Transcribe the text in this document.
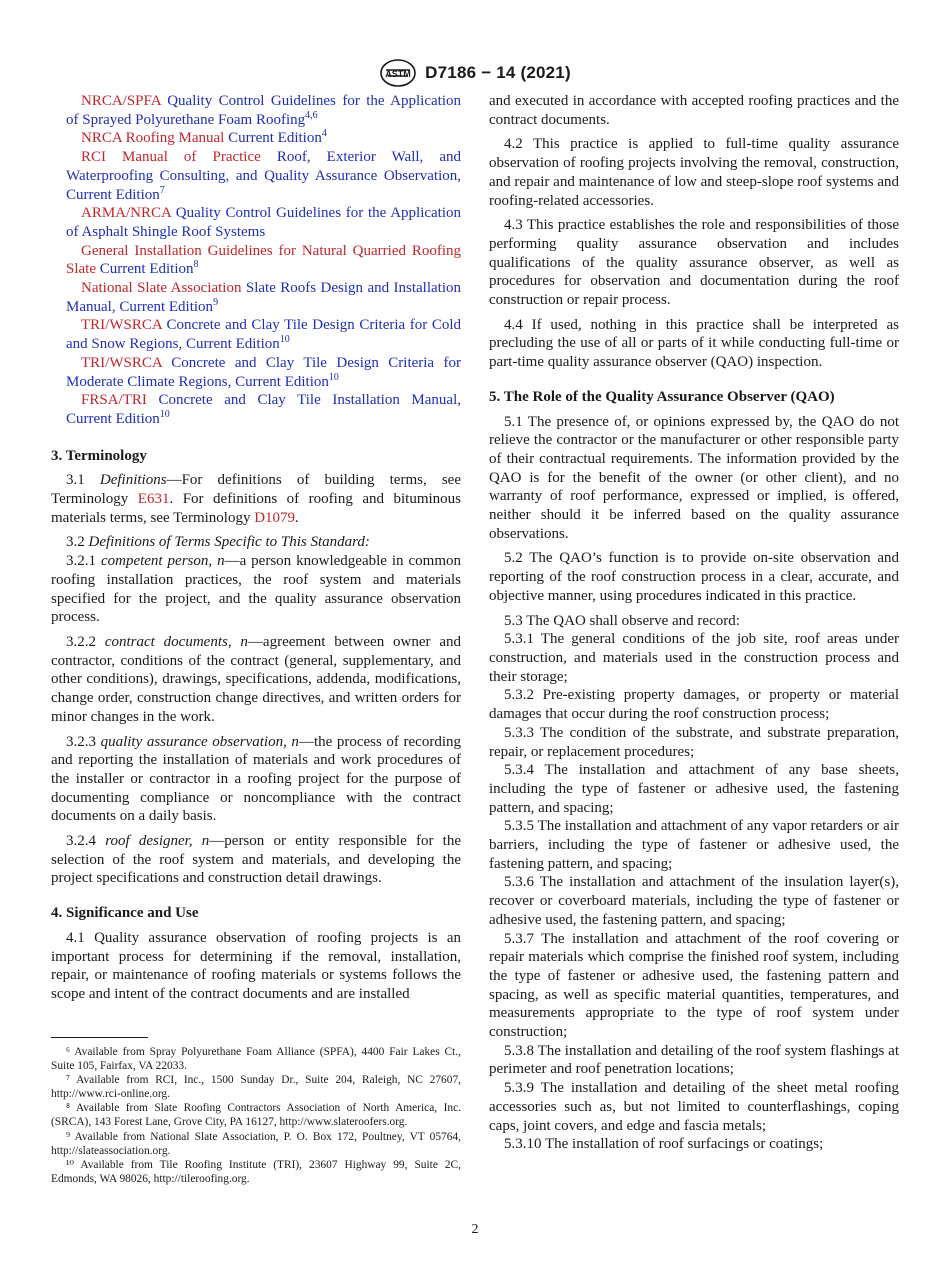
ASTM D7186 − 14 (2021)

NRCA/SPFA Quality Control Guidelines for the Application of Sprayed Polyurethane Foam Roofing$^{4,6}$

NRCA Roofing Manual Current Edition$^4$

RCI Manual of Practice Roof, Exterior Wall, and Waterproofing Consulting, and Quality Assurance Observation, Current Edition$^7$

ARMA/NRCA Quality Control Guidelines for the Application of Asphalt Shingle Roof Systems

General Installation Guidelines for Natural Quarried Roofing Slate Current Edition$^8$

National Slate Association Slate Roofs Design and Installation Manual, Current Edition$^9$

TRI/WSRCA Concrete and Clay Tile Design Criteria for Cold and Snow Regions, Current Edition$^{10}$

TRI/WSRCA Concrete and Clay Tile Design Criteria for Moderate Climate Regions, Current Edition$^{10}$

FRSA/TRI Concrete and Clay Tile Installation Manual, Current Edition$^{10}$

3. Terminology

3.1 Definitions—For definitions of building terms, see Terminology E631. For definitions of roofing and bituminous materials terms, see Terminology D1079.

3.2 Definitions of Terms Specific to This Standard:

3.2.1 competent person, n—a person knowledgeable in common roofing installation practices, the roof system and materials specified for the project, and the quality assurance observation process.

3.2.2 contract documents, n—agreement between owner and contractor, conditions of the contract (general, supplementary, and other conditions), drawings, specifications, addenda, modifications, change order, construction change directives, and written orders for minor changes in the work.

3.2.3 quality assurance observation, n—the process of recording and reporting the installation of materials and work procedures of the installer or contractor in a roofing project for the purpose of documenting compliance or noncompliance with the contract documents on a daily basis.

3.2.4 roof designer, n—person or entity responsible for the selection of the roof system and materials, and developing the project specifications and construction detail drawings.

4. Significance and Use

4.1 Quality assurance observation of roofing projects is an important process for determining if the removal, installation, repair, or maintenance of roofing materials or systems follows the scope and intent of the contract documents and are installed

⁶ Available from Spray Polyurethane Foam Alliance (SPFA), 4400 Fair Lakes Ct., Suite 105, Fairfax, VA 22033.

⁷ Available from RCI, Inc., 1500 Sunday Dr., Suite 204, Raleigh, NC 27607, http://www.rci-online.org.

⁸ Available from Slate Roofing Contractors Association of North America, Inc. (SRCA), 143 Forest Lane, Grove City, PA 16127, http://www.slateroofers.org.

⁹ Available from National Slate Association, P. O. Box 172, Poultney, VT 05764, http://slateassociation.org.

¹⁰ Available from Tile Roofing Institute (TRI), 23607 Highway 99, Suite 2C, Edmonds, WA 98026, http://tileroofing.org.

and executed in accordance with accepted roofing practices and the contract documents.

4.2 This practice is applied to full-time quality assurance observation of roofing projects involving the removal, construction, and repair and maintenance of low and steep-slope roof systems and roofing-related accessories.

4.3 This practice establishes the role and responsibilities of those performing quality assurance observation and includes qualifications of the quality assurance observer, as well as procedures for observation and documentation during the roof construction or repair process.

4.4 If used, nothing in this practice shall be interpreted as precluding the use of all or parts of it while conducting full-time or part-time quality assurance observer (QAO) inspection.

5. The Role of the Quality Assurance Observer (QAO)

5.1 The presence of, or opinions expressed by, the QAO do not relieve the contractor or the manufacturer or other responsible party of their contractual requirements. The information provided by the QAO is for the benefit of the owner (or other client), and no warranty of roof performance, expressed or implied, is offered, neither should it be inferred based on the quality assurance observations.

5.2 The QAO’s function is to provide on-site observation and reporting of the roof construction process in a clear, accurate, and objective manner, using procedures indicated in this practice.

5.3 The QAO shall observe and record:

5.3.1 The general conditions of the job site, roof areas under construction, and materials used in the construction process and their storage;

5.3.2 Pre-existing property damages, or property or material damages that occur during the roof construction process;

5.3.3 The condition of the substrate, and substrate preparation, repair, or replacement procedures;

5.3.4 The installation and attachment of any base sheets, including the type of fastener or adhesive used, the fastening pattern, and spacing;

5.3.5 The installation and attachment of any vapor retarders or air barriers, including the type of fastener or adhesive used, the fastening pattern, and spacing;

5.3.6 The installation and attachment of the insulation layer(s), recover or coverboard materials, including the type of fastener or adhesive used, the fastening pattern, and spacing;

5.3.7 The installation and attachment of the roof covering or repair materials which comprise the finished roof system, including the type of fastener or adhesive used, the fastening pattern and spacing, as well as specific material quantities, temperatures, and measurements appropriate to the type of roof system under construction;

5.3.8 The installation and detailing of the roof system flashings at perimeter and roof penetration locations;

5.3.9 The installation and detailing of the sheet metal roofing accessories such as, but not limited to counterflashings, coping caps, joint covers, and edge and fascia metals;

5.3.10 The installation of roof surfacings or coatings;

2
